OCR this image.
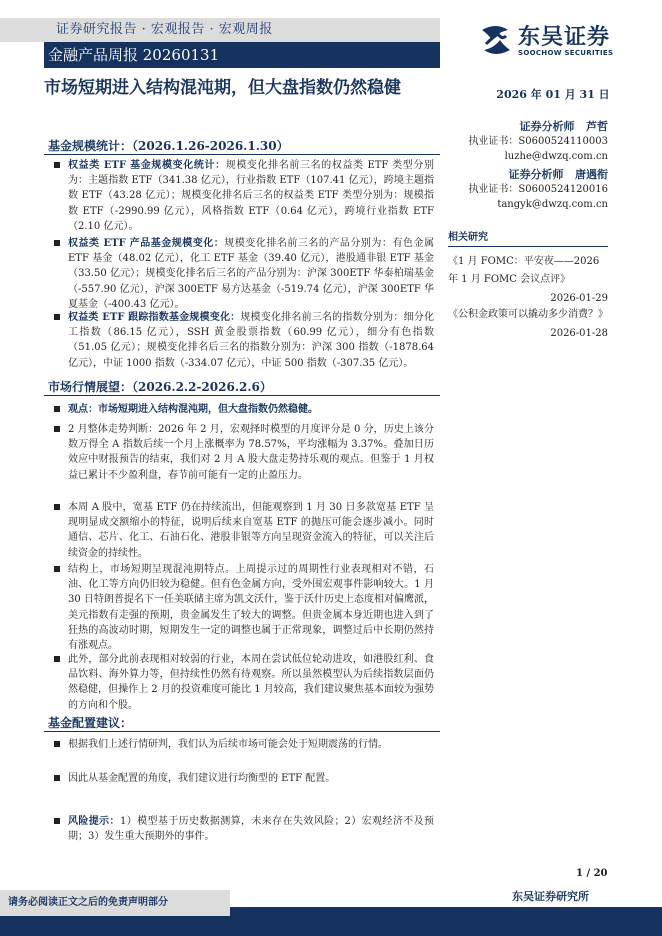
证券研究报告 · 宏观报告 · 宏观周报
金融产品周报 20260131
东吴证券
SOOCHOW SECURITIES
市场短期进入结构混沌期，但大盘指数仍然稳健	2026 年 01 月 31 日
证券分析师 芦哲
执业证书：S0600524110003
luzhe@dwzq.com.cn
证券分析师 唐遇衔
执业证书：S0600524120016
tangyk@dwzq.com.cn
相关研究
《1 月 FOMC：平安夜——2026 年 1 月 FOMC 会议点评》
2026-01-29
《公积金政策可以撬动多少消费？》
2026-01-28
基金规模统计：（2026.1.26-2026.1.30）
权益类 ETF 基金规模变化统计：规模变化排名前三名的权益类 ETF 类型分别为：主题指数 ETF（341.38 亿元），行业指数 ETF（107.41 亿元），跨境主题指数 ETF（43.28 亿元）；规模变化排名后三名的权益类 ETF 类型分别为：规模指数 ETF（-2990.99 亿元），风格指数 ETF（0.64 亿元），跨境行业指数 ETF（2.10 亿元）。
权益类 ETF 产品基金规模变化：规模变化排名前三名的产品分别为：有色金属 ETF 基金（48.02 亿元），化工 ETF 基金（39.40 亿元），港股通非银 ETF 基金（33.50 亿元）；规模变化排名后三名的产品分别为：沪深 300ETF 华泰柏瑞基金（-557.90 亿元），沪深 300ETF 易方达基金（-519.74 亿元），沪深 300ETF 华夏基金（-400.43 亿元）。
权益类 ETF 跟踪指数基金规模变化：规模变化排名前三名的指数分别为：细分化工指数（86.15 亿元），SSH 黄金股票指数（60.99 亿元），细分有色指数（51.05 亿元）；规模变化排名后三名的指数分别为：沪深 300 指数（-1878.64 亿元），中证 1000 指数（-334.07 亿元），中证 500 指数（-307.35 亿元）。
市场行情展望：（2026.2.2-2026.2.6）
观点：市场短期进入结构混沌期，但大盘指数仍然稳健。
2 月整体走势判断：2026 年 2 月，宏观择时模型的月度评分是 0 分，历史上该分数万得全 A 指数后续一个月上涨概率为 78.57%，平均涨幅为 3.37%。叠加日历效应中财报预告的结束，我们对 2 月 A 股大盘走势持乐观的观点。但鉴于 1 月权益已累计不少盈利盘，春节前可能有一定的止盈压力。
本周 A 股中，宽基 ETF 仍在持续流出，但能观察到 1 月 30 日多款宽基 ETF 呈现明显成交额缩小的特征，说明后续来自宽基 ETF 的抛压可能会逐步减小。同时通信、芯片、化工、石油石化、港股非银等方向呈现资金流入的特征，可以关注后续资金的持续性。
结构上，市场短期呈现混沌期特点。上周提示过的周期性行业表现相对不错，石油、化工等方向仍旧较为稳健。但有色金属方向，受外围宏观事件影响较大。1 月 30 日特朗普提名下一任美联储主席为凯文沃什，鉴于沃什历史上态度相对偏鹰派，美元指数有走强的预期，贵金属发生了较大的调整。但贵金属本身近期也进入到了狂热的高波动时期，短期发生一定的调整也属于正常现象，调整过后中长期仍然持有涨观点。
此外，部分此前表现相对较弱的行业，本周在尝试低位轮动进攻，如港股红利、食品饮料、海外算力等，但持续性仍然有待观察。所以虽然模型认为后续指数层面仍然稳健，但操作上 2 月的投资难度可能比 1 月较高，我们建议聚焦基本面较为强势的方向和个股。
基金配置建议：
根据我们上述行情研判，我们认为后续市场可能会处于短期震荡的行情。
因此从基金配置的角度，我们建议进行均衡型的 ETF 配置。
风险提示：1）模型基于历史数据测算，未来存在失效风险；2）宏观经济不及预期；3）发生重大预期外的事件。
1 / 20
请务必阅读正文之后的免责声明部分	东吴证券研究所
